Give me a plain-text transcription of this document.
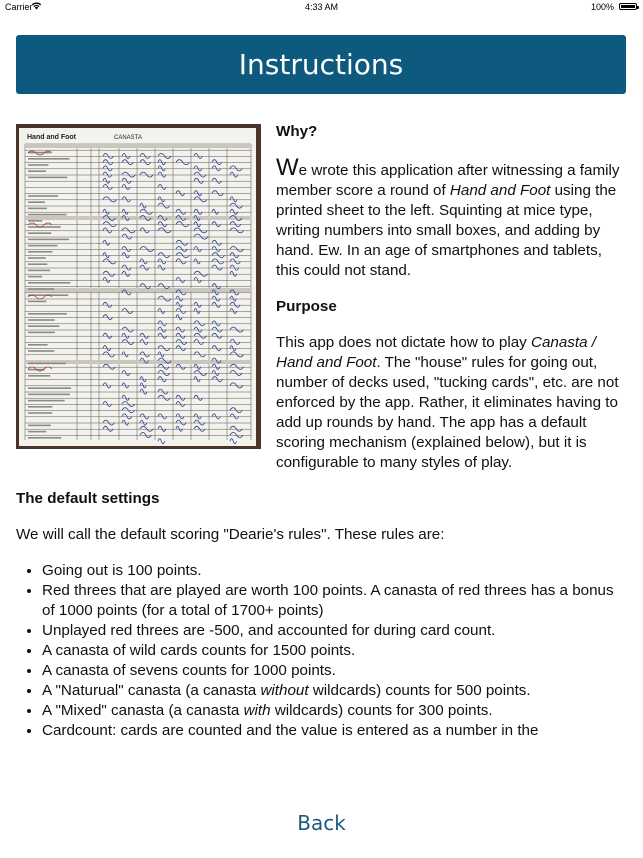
Carrier	4:33 AM	100%
Instructions
Hand and Foot	CANASTA	Why?

We wrote this application after witnessing a family member score a round of Hand and Foot using the printed sheet to the left. Squinting at mice type, writing numbers into small boxes, and adding by hand. Ew. In an age of smartphones and tablets, this could not stand.

Purpose

This app does not dictate how to play Canasta / Hand and Foot. The "house" rules for going out, number of decks used, "tucking cards", etc. are not enforced by the app. Rather, it eliminates having to add up rounds by hand. The app has a default scoring mechanism (explained below), but it is configurable to many styles of play.

The default settings
We will call the default scoring "Dearie's rules". These rules are:
• Going out is 100 points.
• Red threes that are played are worth 100 points. A canasta of red threes has a bonus of 1000 points (for a total of 1700+ points)
• Unplayed red threes are -500, and accounted for during card count.
• A canasta of wild cards counts for 1500 points.
• A canasta of sevens counts for 1000 points.
• A "Naturual" canasta (a canasta without wildcards) counts for 500 points.
• A "Mixed" canasta (a canasta with wildcards) counts for 300 points.
• Cardcount: cards are counted and the value is entered as a number in the
Back
